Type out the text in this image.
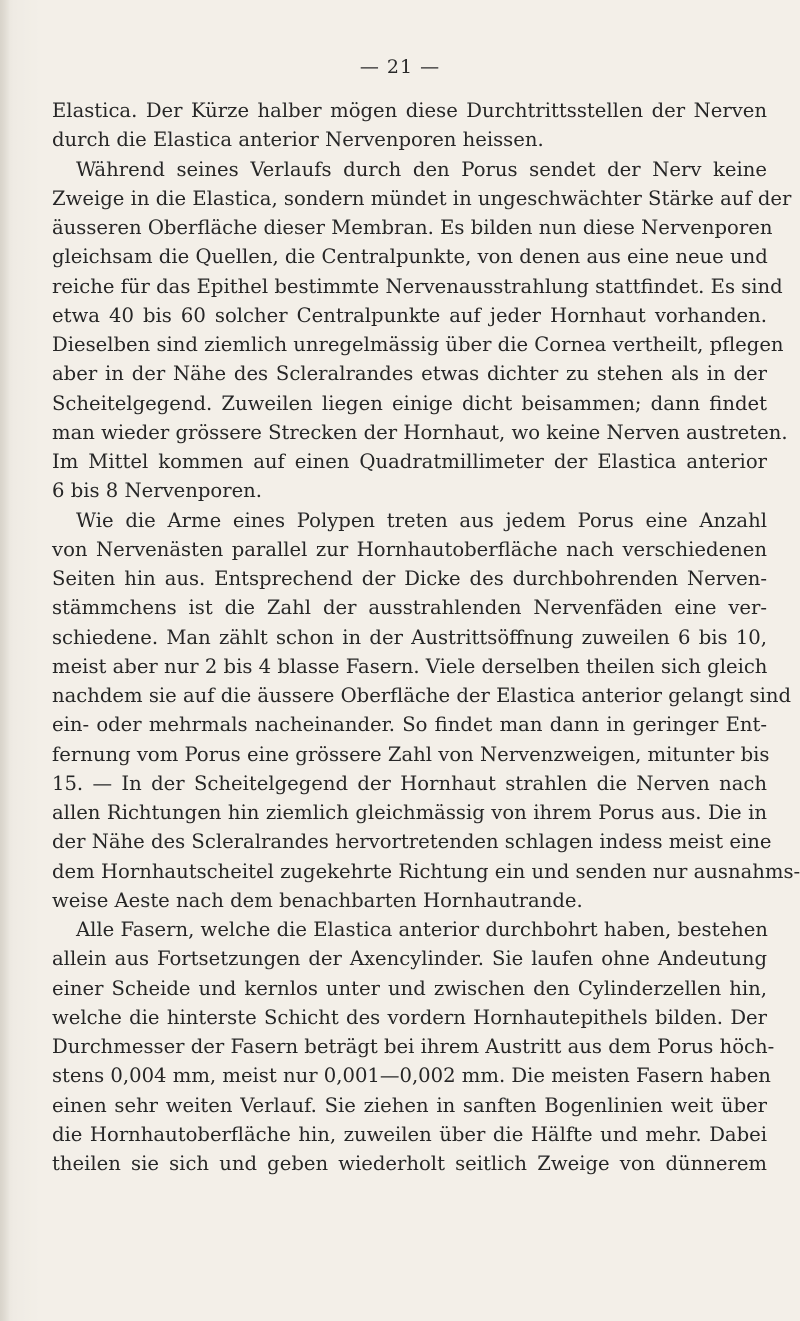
— 21 —

Elastica. Der Kürze halber mögen diese Durchtrittsstellen der Nerven
durch die Elastica anterior Nervenporen heissen.

Während seines Verlaufs durch den Porus sendet der Nerv keine
Zweige in die Elastica, sondern mündet in ungeschwächter Stärke auf der
äusseren Oberfläche dieser Membran. Es bilden nun diese Nervenporen
gleichsam die Quellen, die Centralpunkte, von denen aus eine neue und
reiche für das Epithel bestimmte Nervenausstrahlung stattfindet. Es sind
etwa 40 bis 60 solcher Centralpunkte auf jeder Hornhaut vorhanden.
Dieselben sind ziemlich unregelmässig über die Cornea vertheilt, pflegen
aber in der Nähe des Scleralrandes etwas dichter zu stehen als in der
Scheitelgegend. Zuweilen liegen einige dicht beisammen; dann findet
man wieder grössere Strecken der Hornhaut, wo keine Nerven austreten.
Im Mittel kommen auf einen Quadratmillimeter der Elastica anterior
6 bis 8 Nervenporen.

Wie die Arme eines Polypen treten aus jedem Porus eine Anzahl
von Nervenästen parallel zur Hornhautoberfläche nach verschiedenen
Seiten hin aus. Entsprechend der Dicke des durchbohrenden Nerven-
stämmchens ist die Zahl der ausstrahlenden Nervenfäden eine ver-
schiedene. Man zählt schon in der Austrittsöffnung zuweilen 6 bis 10,
meist aber nur 2 bis 4 blasse Fasern. Viele derselben theilen sich gleich
nachdem sie auf die äussere Oberfläche der Elastica anterior gelangt sind
ein- oder mehrmals nacheinander. So findet man dann in geringer Ent-
fernung vom Porus eine grössere Zahl von Nervenzweigen, mitunter bis
15. — In der Scheitelgegend der Hornhaut strahlen die Nerven nach
allen Richtungen hin ziemlich gleichmässig von ihrem Porus aus. Die in
der Nähe des Scleralrandes hervortretenden schlagen indess meist eine
dem Hornhautscheitel zugekehrte Richtung ein und senden nur ausnahms-
weise Aeste nach dem benachbarten Hornhautrande.

Alle Fasern, welche die Elastica anterior durchbohrt haben, bestehen
allein aus Fortsetzungen der Axencylinder. Sie laufen ohne Andeutung
einer Scheide und kernlos unter und zwischen den Cylinderzellen hin,
welche die hinterste Schicht des vordern Hornhautepithels bilden. Der
Durchmesser der Fasern beträgt bei ihrem Austritt aus dem Porus höch-
stens 0,004 mm, meist nur 0,001—0,002 mm. Die meisten Fasern haben
einen sehr weiten Verlauf. Sie ziehen in sanften Bogenlinien weit über
die Hornhautoberfläche hin, zuweilen über die Hälfte und mehr. Dabei
theilen sie sich und geben wiederholt seitlich Zweige von dünnerem
